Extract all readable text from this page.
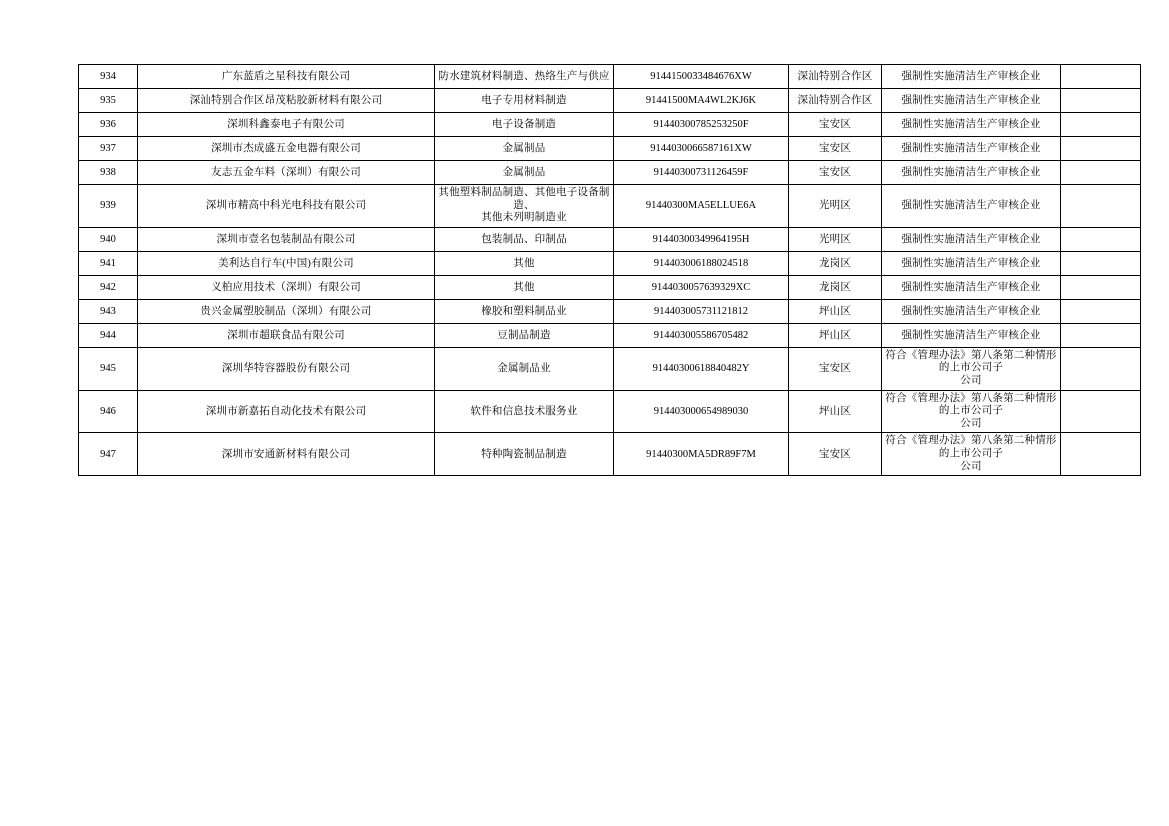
934	广东蓝盾之星科技有限公司	防水建筑材料制造、热络生产与供应	9144150033484676XW	深汕特别合作区	强制性实施清洁生产审核企业	
935	深汕特别合作区昂茂粘胶新材料有限公司	电子专用材料制造	91441500MA4WL2KJ6K	深汕特别合作区	强制性实施清洁生产审核企业	
936	深圳科鑫泰电子有限公司	电子设备制造	91440300785253250F	宝安区	强制性实施清洁生产审核企业	
937	深圳市杰成盛五金电器有限公司	金属制品	9144030066587161XW	宝安区	强制性实施清洁生产审核企业	
938	友志五金车料（深圳）有限公司	金属制品	91440300731126459F	宝安区	强制性实施清洁生产审核企业	
939	深圳市精高中科光电科技有限公司	其他塑料制品制造、其他电子设备制造、
其他未列明制造业	91440300MA5ELLUE6A	光明区	强制性实施清洁生产审核企业	
940	深圳市壹名包装制品有限公司	包装制品、印制品	91440300349964195H	光明区	强制性实施清洁生产审核企业	
941	美利达自行车(中国)有限公司	其他	914403006188024518	龙岗区	强制性实施清洁生产审核企业	
942	义柏应用技术（深圳）有限公司	其他	9144030057639329XC	龙岗区	强制性实施清洁生产审核企业	
943	贵兴金属塑胶制品（深圳）有限公司	橡胶和塑料制品业	914403005731121812	坪山区	强制性实施清洁生产审核企业	
944	深圳市超联食品有限公司	豆制品制造	914403005586705482	坪山区	强制性实施清洁生产审核企业	
945	深圳华特容器股份有限公司	金属制品业	91440300618840482Y	宝安区	符合《管理办法》第八条第二种情形的上市公司子
公司	

946	深圳市新嘉拓自动化技术有限公司	软件和信息技术服务业	914403000654989030	坪山区	符合《管理办法》第八条第二种情形的上市公司子
公司	

947	深圳市安通新材料有限公司	特种陶瓷制品制造	91440300MA5DR89F7M	宝安区	符合《管理办法》第八条第二种情形的上市公司子
公司	
